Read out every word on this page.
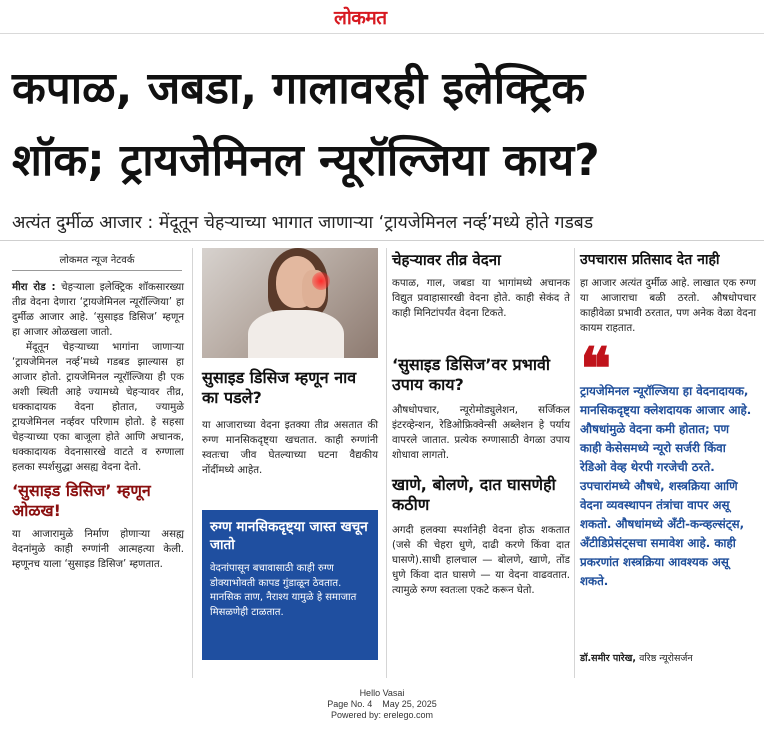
लोकमत
कपाळ, जबडा, गालावरही इलेक्ट्रिक
शॉक; ट्रायजेमिनल न्यूरॉल्जिया काय?
अत्यंत दुर्मीळ आजार : मेंदूतून चेहऱ्याच्या भागात जाणाऱ्या ‘ट्रायजेमिनल नर्व्ह’मध्ये होते गडबड
लोकमत न्यूज नेटवर्क

मीरा रोड : चेहऱ्याला इलेक्ट्रिक शॉकसारख्या तीव्र वेदना देणारा ‘ट्रायजेमिनल न्यूरॉल्जिया’ हा दुर्मीळ आजार आहे. ‘सुसाइड डिसिज’ म्हणून हा आजार ओळखला जातो.

मेंदूतून चेहऱ्याच्या भागांना जाणाऱ्या ‘ट्रायजेमिनल नर्व्ह’मध्ये गडबड झाल्यास हा आजार होतो. ट्रायजेमिनल न्यूरॉल्जिया ही एक अशी स्थिती आहे ज्यामध्ये चेहऱ्यावर तीव्र, धक्कादायक वेदना होतात, ज्यामुळे ट्रायजेमिनल नर्व्हवर परिणाम होतो. हे सहसा चेहऱ्याच्या एका बाजूला होते आणि अचानक, धक्कादायक वेदनासारखे वाटते व रुग्णाला हलका स्पर्शसुद्धा असह्य वेदना देतो.

‘सुसाइड डिसिज’ म्हणून ओळख!

या आजारामुळे निर्माण होणाऱ्या असह्य वेदनांमुळे काही रुग्णांनी आत्महत्या केली. म्हणूनच याला ‘सुसाइड डिसिज’ म्हणतात.

सुसाइड डिसिज म्हणून नाव का पडले?

या आजाराच्या वेदना इतक्या तीव्र असतात की रुग्ण मानसिकदृष्ट्या खचतात. काही रुग्णांनी स्वतःचा जीव घेतल्याच्या घटना वैद्यकीय नोंदींमध्ये आहेत.

रुग्ण मानसिकदृष्ट्या जास्त खचून जातो

वेदनांपासून बचावासाठी काही रुग्ण डोक्याभोवती कापड गुंडाळून ठेवतात. मानसिक ताण, नैराश्य यामुळे हे समाजात मिसळणेही टाळतात.

चेहऱ्यावर तीव्र वेदना

कपाळ, गाल, जबडा या भागांमध्ये अचानक विद्युत प्रवाहासारखी वेदना होते. काही सेकंद ते काही मिनिटांपर्यंत वेदना टिकते.

‘सुसाइड डिसिज’वर प्रभावी उपाय काय?

औषधोपचार, न्यूरोमोड्युलेशन, सर्जिकल इंटरव्हेन्शन, रेडिओफ्रिक्वेन्सी अब्लेशन हे पर्याय वापरले जातात. प्रत्येक रुग्णासाठी वेगळा उपाय शोधावा लागतो.

खाणे, बोलणे, दात घासणेही कठीण

अगदी हलक्या स्पर्शानेही वेदना होऊ शकतात (जसे की चेहरा धुणे, दाढी करणे किंवा दात घासणे).साधी हालचाल — बोलणे, खाणे, तोंड धुणे किंवा दात घासणे — या वेदना वाढवतात. त्यामुळे रुग्ण स्वतःला एकटे करून घेतो.

उपचारास प्रतिसाद देत नाही

हा आजार अत्यंत दुर्मीळ आहे. लाखात एक रुग्ण या आजाराचा बळी ठरतो. औषधोपचार काहीवेळा प्रभावी ठरतात, पण अनेक वेळा वेदना कायम राहतात.

❝
ट्रायजेमिनल न्यूरॉल्जिया हा वेदनादायक, मानसिकदृष्ट्या क्लेशदायक आजार आहे. औषधांमुळे वेदना कमी होतात; पण काही केसेसमध्ये न्यूरो सर्जरी किंवा रेडिओ वेव्ह थेरपी गरजेची ठरते. उपचारांमध्ये औषधे, शस्त्रक्रिया आणि वेदना व्यवस्थापन तंत्रांचा वापर असू शकतो. औषधांमध्ये अँटी-कन्व्हल्संट्स, अँटीडिप्रेसंट्सचा समावेश आहे. काही प्रकरणांत शस्त्रक्रिया आवश्यक असू शकते.
डॉ.समीर पारेख, वरिष्ठ न्यूरोसर्जन
Hello Vasai
Page No. 4 May 25, 2025
Powered by: erelego.com
